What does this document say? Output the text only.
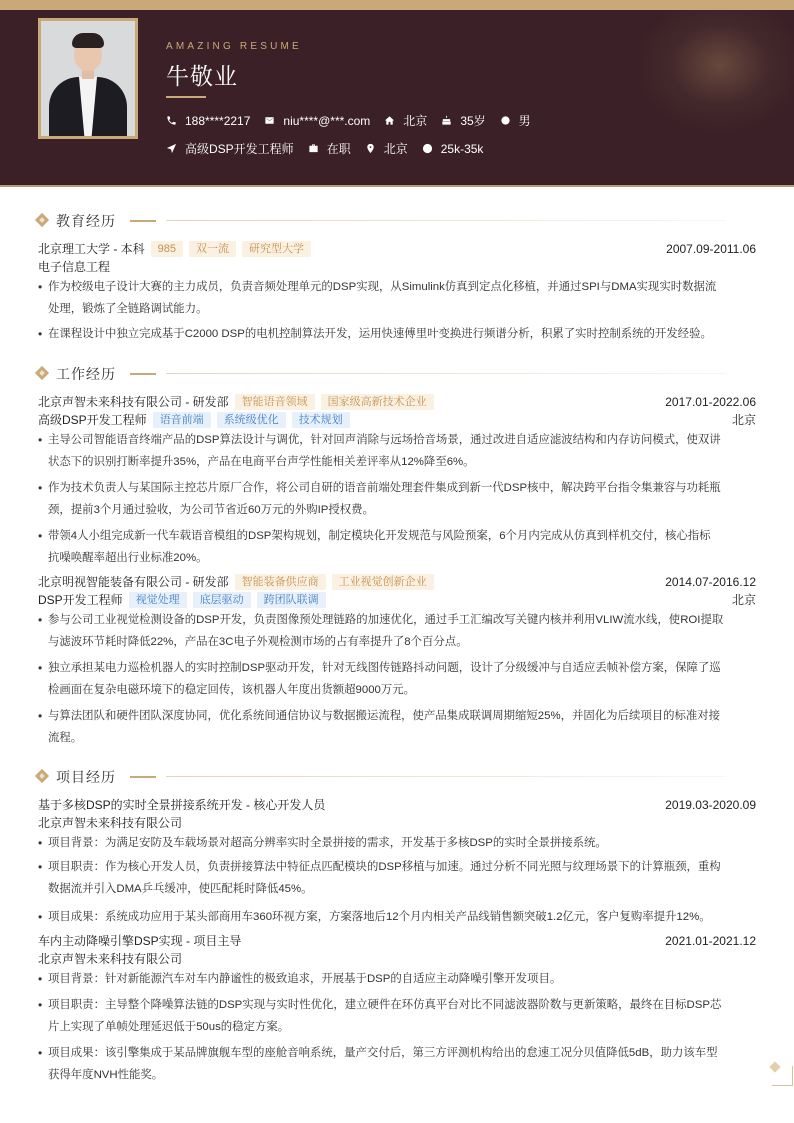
AMAZING RESUME
牛敬业
188****2217	niu****@***.com	北京	35岁	男
高级DSP开发工程师	在职	北京	25k-35k
教育经历
北京理工大学 - 本科	985	双一流	研究型大学	2007.09-2011.06
电子信息工程
• 作为校级电子设计大赛的主力成员，负责音频处理单元的DSP实现，从Simulink仿真到定点化移植，并通过SPI与DMA实现实时数据流
处理，锻炼了全链路调试能力。
• 在课程设计中独立完成基于C2000 DSP的电机控制算法开发，运用快速傅里叶变换进行频谱分析，积累了实时控制系统的开发经验。
工作经历
北京声智未来科技有限公司 - 研发部	智能语音领域	国家级高新技术企业	2017.01-2022.06
高级DSP开发工程师	语音前端	系统级优化	技术规划	北京
• 主导公司智能语音终端产品的DSP算法设计与调优，针对回声消除与远场拾音场景，通过改进自适应滤波结构和内存访问模式，使双讲
状态下的识别打断率提升35%，产品在电商平台声学性能相关差评率从12%降至6%。
• 作为技术负责人与某国际主控芯片原厂合作，将公司自研的语音前端处理套件集成到新一代DSP核中，解决跨平台指令集兼容与功耗瓶
颈，提前3个月通过验收，为公司节省近60万元的外购IP授权费。
• 带领4人小组完成新一代车载语音模组的DSP架构规划，制定模块化开发规范与风险预案，6个月内完成从仿真到样机交付，核心指标
抗噪唤醒率超出行业标准20%。
北京明视智能装备有限公司 - 研发部	智能装备供应商	工业视觉创新企业	2014.07-2016.12
DSP开发工程师	视觉处理	底层驱动	跨团队联调	北京
• 参与公司工业视觉检测设备的DSP开发，负责图像预处理链路的加速优化，通过手工汇编改写关键内核并利用VLIW流水线，使ROI提取
与滤波环节耗时降低22%，产品在3C电子外观检测市场的占有率提升了8个百分点。
• 独立承担某电力巡检机器人的实时控制DSP驱动开发，针对无线图传链路抖动问题，设计了分级缓冲与自适应丢帧补偿方案，保障了巡
检画面在复杂电磁环境下的稳定回传，该机器人年度出货额超9000万元。
• 与算法团队和硬件团队深度协同，优化系统间通信协议与数据搬运流程，使产品集成联调周期缩短25%，并固化为后续项目的标准对接
流程。
项目经历
基于多核DSP的实时全景拼接系统开发 - 核心开发人员	2019.03-2020.09
北京声智未来科技有限公司
• 项目背景：为满足安防及车载场景对超高分辨率实时全景拼接的需求，开发基于多核DSP的实时全景拼接系统。
• 项目职责：作为核心开发人员，负责拼接算法中特征点匹配模块的DSP移植与加速。通过分析不同光照与纹理场景下的计算瓶颈，重构
数据流并引入DMA乒乓缓冲，使匹配耗时降低45%。
• 项目成果：系统成功应用于某头部商用车360环视方案，方案落地后12个月内相关产品线销售额突破1.2亿元，客户复购率提升12%。
车内主动降噪引擎DSP实现 - 项目主导	2021.01-2021.12
北京声智未来科技有限公司
• 项目背景：针对新能源汽车对车内静谧性的极致追求，开展基于DSP的自适应主动降噪引擎开发项目。
• 项目职责：主导整个降噪算法链的DSP实现与实时性优化，建立硬件在环仿真平台对比不同滤波器阶数与更新策略，最终在目标DSP芯
片上实现了单帧处理延迟低于50us的稳定方案。
• 项目成果：该引擎集成于某品牌旗舰车型的座舱音响系统，量产交付后，第三方评测机构给出的怠速工况分贝值降低5dB，助力该车型
获得年度NVH性能奖。
